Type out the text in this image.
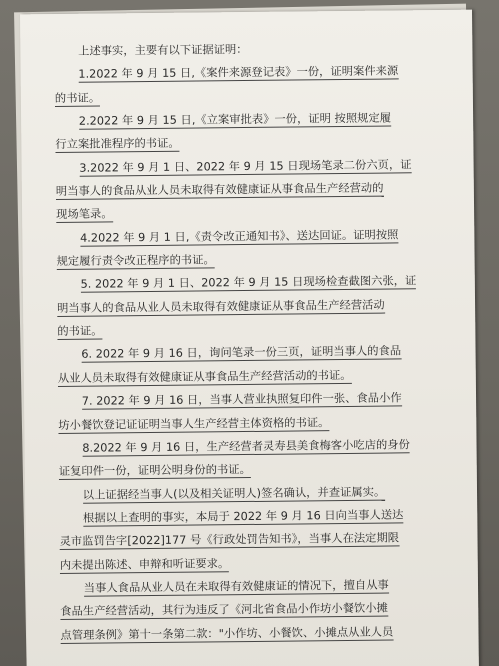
上述事实，主要有以下证据证明：

1.2022 年 9 月 15 日,《案件来源登记表》一份，证明案件来源
的书证。

2.2022 年 9 月 15 日,《立案审批表》一份，证明 按照规定履
行立案批准程序的书证。

3.2022 年 9 月 1 日、2022 年 9 月 15 日现场笔录二份六页，证
明当事人的食品从业人员未取得有效健康证从事食品生产经营动的
现场笔录。

4.2022 年 9 月 1 日,《责令改正通知书》、送达回证。证明按照
规定履行责令改正程序的书证。

5. 2022 年 9 月 1 日、2022 年 9 月 15 日现场检查截图六张，证
明当事人的食品从业人员未取得有效健康证从事食品生产经营活动
的书证。

6. 2022 年 9 月 16 日，询问笔录一份三页，证明当事人的食品
从业人员未取得有效健康证从事食品生产经营活动的书证。

7. 2022 年 9 月 16 日，当事人营业执照复印件一张、食品小作
坊小餐饮登记证证明当事人生产经营主体资格的书证。

8.2022 年 9 月 16 日，生产经营者灵寿县美食梅客小吃店的身份
证复印件一份，证明公明身份的书证。

以上证据经当事人(以及相关证明人)签名确认，并查证属实。

根据以上查明的事实，本局于 2022 年 9 月 16 日向当事人送达
灵市监罚告字[2022]177 号《行政处罚告知书》，当事人在法定期限
内未提出陈述、申辩和听证要求。

当事人食品从业人员在未取得有效健康证的情况下，擅自从事
食品生产经营活动，其行为违反了《河北省食品小作坊小餐饮小摊
点管理条例》第十一条第二款："小作坊、小餐饮、小摊点从业人员
